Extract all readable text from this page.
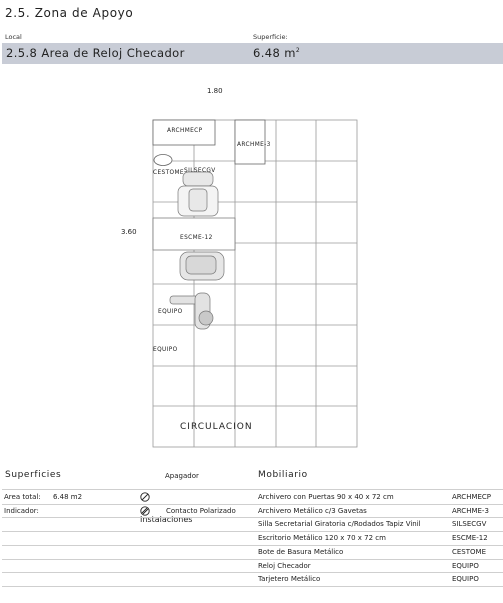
2.5. Zona de Apoyo
Local	Superficie:
2.5.8 Area de Reloj Checador	6.48 $m^2$
1.80
3.60
ARCHMECP
ARCHME-3
CESTOME SILSECGV
ESCME-12
EQUIPO
EQUIPO
CIRCULACION
Superficies	Apagador	Mobiliario
Area total: 6.48 m2
Indicador:	Contacto Polarizado
Instalaciones
Archivero con Puertas 90 x 40 x 72 cm	ARCHMECP
Archivero Metálico c/3 Gavetas	ARCHME-3
Silla Secretarial Giratoria c/Rodados Tapiz Vinil	SILSECGV
Escritorio Metálico 120 x 70 x 72 cm	ESCME-12
Bote de Basura Metálico	CESTOME
Reloj Checador	EQUIPO
Tarjetero Metálico	EQUIPO
